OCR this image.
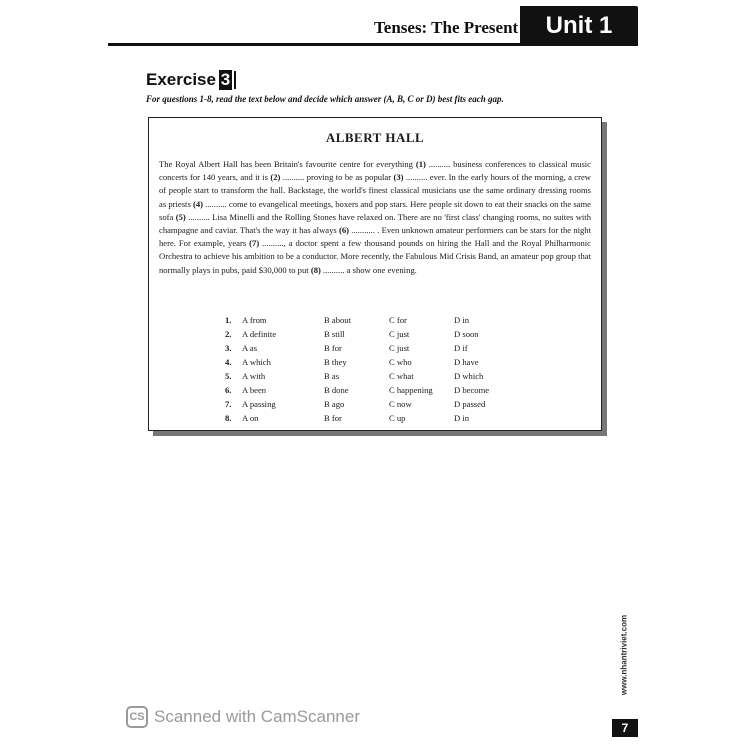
Tenses: The Present	Unit 1
Exercise 3
For questions 1-8, read the text below and decide which answer (A, B, C or D) best fits each gap.
ALBERT HALL
The Royal Albert Hall has been Britain's favourite centre for everything (1) .......... business conferences to classical music concerts for 140 years, and it is (2) .......... proving to be as popular (3) .......... ever. In the early hours of the morning, a crew of people start to transform the hall. Backstage, the world's finest classical musicians use the same ordinary dressing rooms as priests (4) .......... come to evangelical meetings, boxers and pop stars. Here people sit down to eat their snacks on the same sofa (5) .......... Lisa Minelli and the Rolling Stones have relaxed on. There are no 'first class' changing rooms, no suites with champagne and caviar. That's the way it has always (6) ........... . Even unknown amateur performers can be stars for the night here. For example, years (7) .........., a doctor spent a few thousand pounds on hiring the Hall and the Royal Philharmonic Orchestra to achieve his ambition to be a conductor. More recently, the Fabulous Mid Crisis Band, an amateur pop group that normally plays in pubs, paid $30,000 to put (8) .......... a show one evening.
1.	A from	B about	C for	D in
2.	A definite	B still	C just	D soon
3.	A as	B for	C just	D if
4.	A which	B they	C who	D have
5.	A with	B as	C what	D which
6.	A been	B done	C happening D become
7.	A passing	B ago	C now	D passed
8.	A on	B for	C up	D in
www.nhantriviet.com
7
CS Scanned with CamScanner
